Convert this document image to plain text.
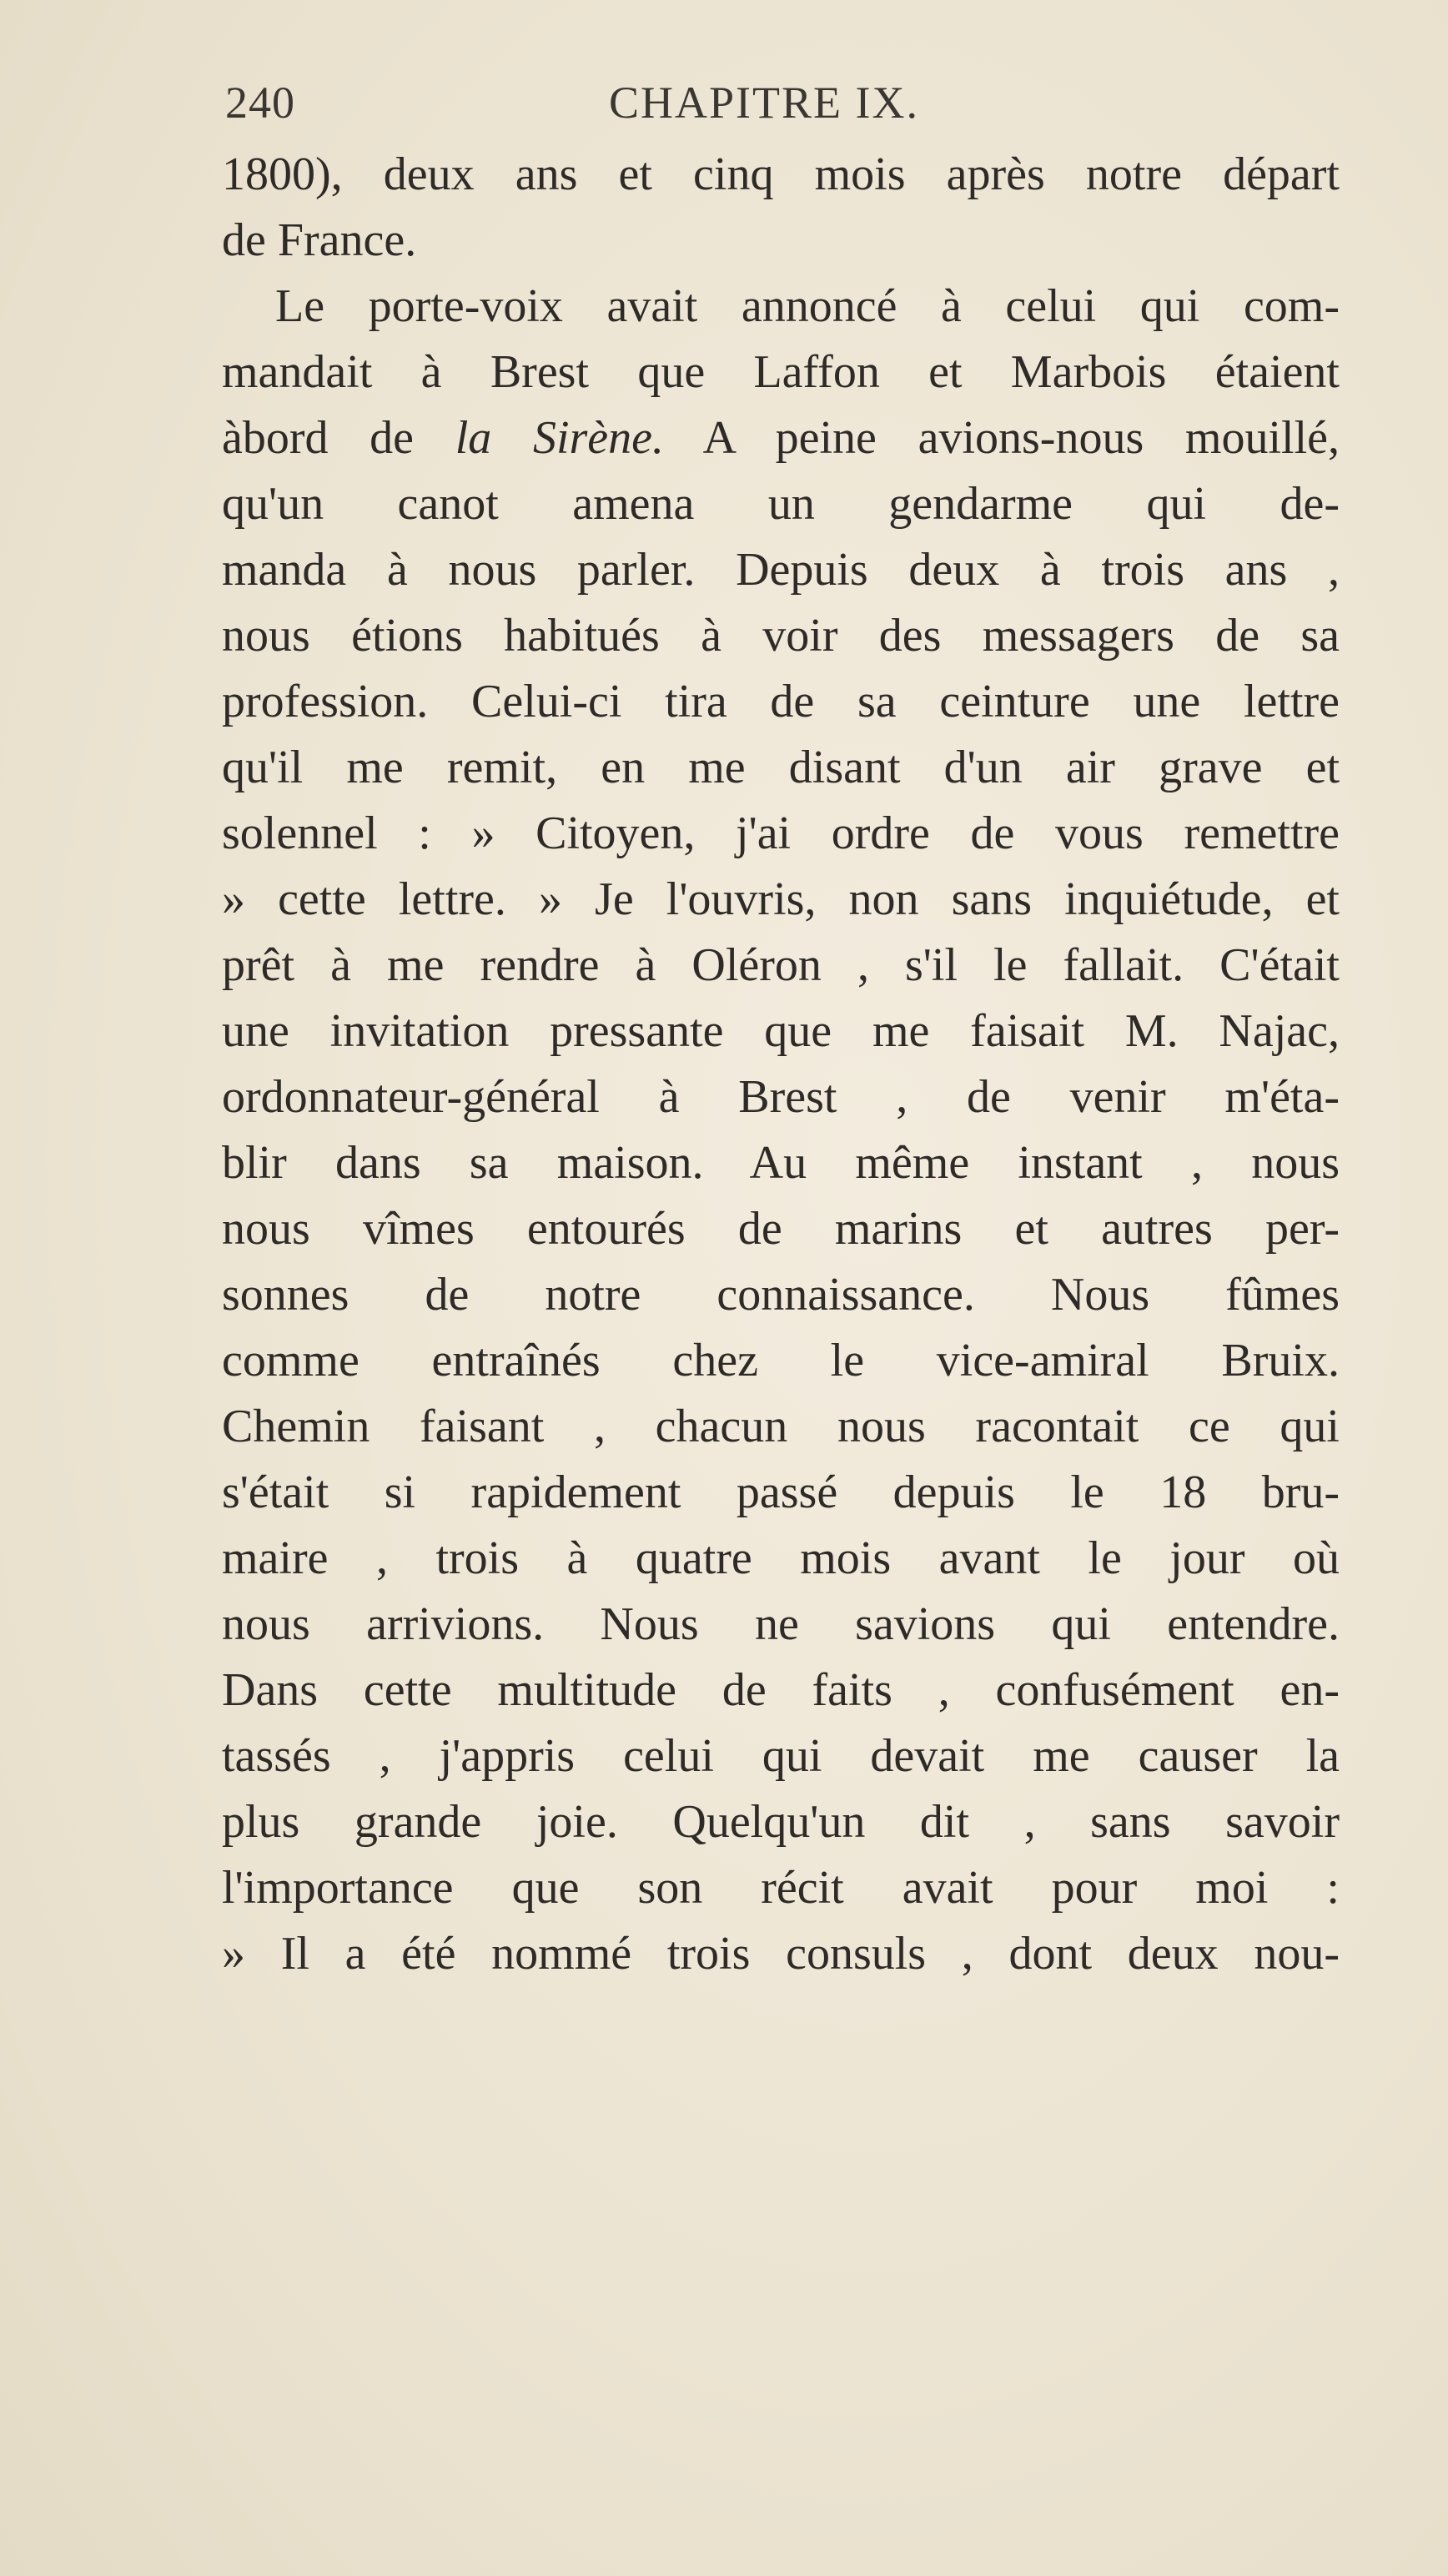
240	CHAPITRE IX.
1800), deux ans et cinq mois après notre départ
de France.
Le porte-voix avait annoncé à celui qui com-
mandait à Brest que Laffon et Marbois étaient
àbord de la Sirène. A peine avions-nous mouillé,
qu'un canot amena un gendarme qui de-
manda à nous parler. Depuis deux à trois ans ,
nous étions habitués à voir des messagers de sa
profession. Celui-ci tira de sa ceinture une lettre
qu'il me remit, en me disant d'un air grave et
solennel : » Citoyen, j'ai ordre de vous remettre
» cette lettre. » Je l'ouvris, non sans inquiétude, et
prêt à me rendre à Oléron , s'il le fallait. C'était
une invitation pressante que me faisait M. Najac,
ordonnateur-général à Brest , de venir m'éta-
blir dans sa maison. Au même instant , nous
nous vîmes entourés de marins et autres per-
sonnes de notre connaissance. Nous fûmes
comme entraînés chez le vice-amiral Bruix.
Chemin faisant , chacun nous racontait ce qui
s'était si rapidement passé depuis le 18 bru-
maire , trois à quatre mois avant le jour où
nous arrivions. Nous ne savions qui entendre.
Dans cette multitude de faits , confusément en-
tassés , j'appris celui qui devait me causer la
plus grande joie. Quelqu'un dit , sans savoir
l'importance que son récit avait pour moi :
» Il a été nommé trois consuls , dont deux nou-
